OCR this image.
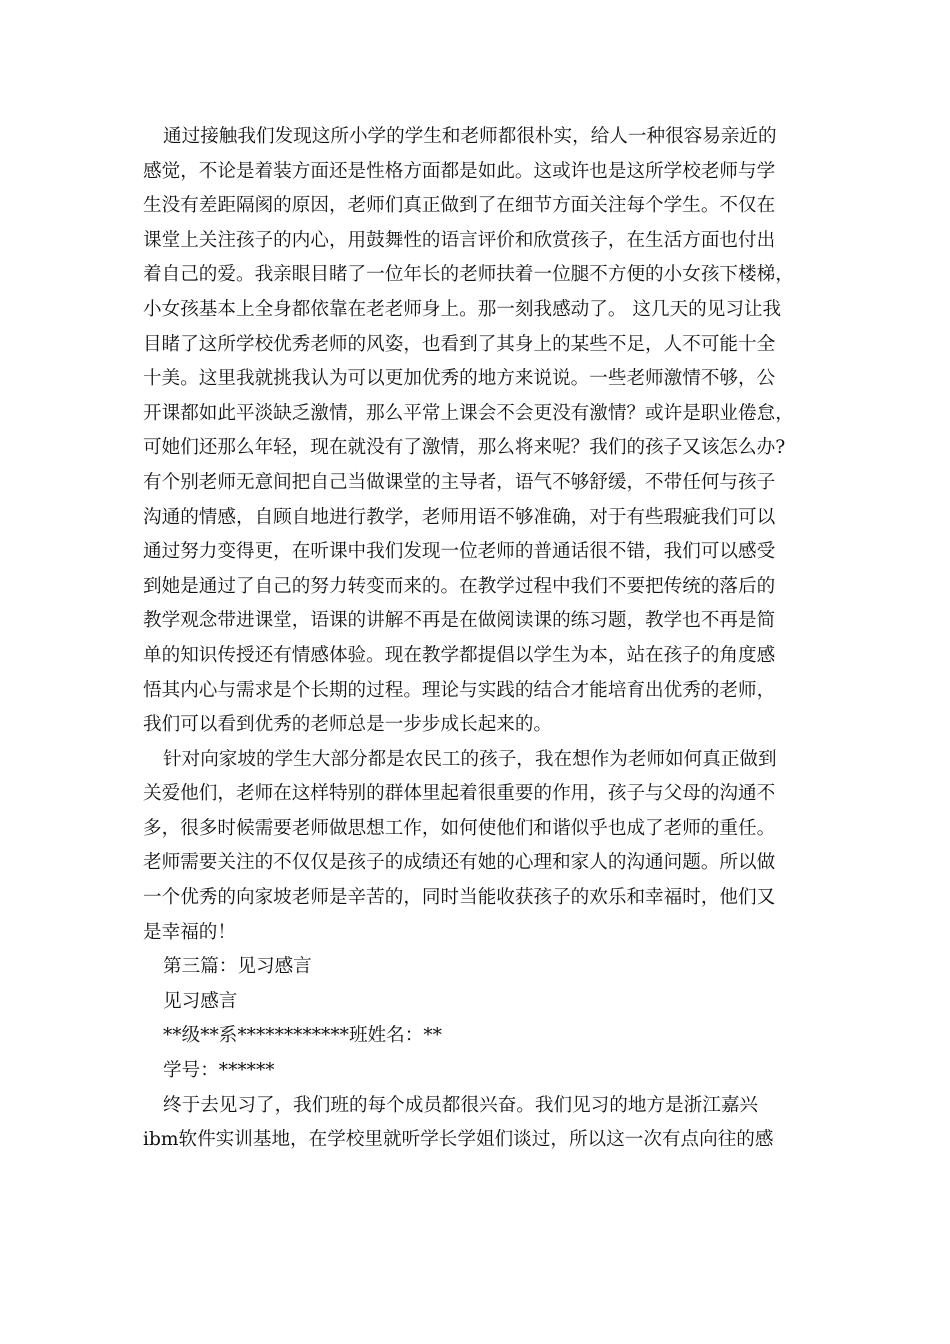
通过接触我们发现这所小学的学生和老师都很朴实，给人一种很容易亲近的
感觉，不论是着装方面还是性格方面都是如此。这或许也是这所学校老师与学
生没有差距隔阂的原因，老师们真正做到了在细节方面关注每个学生。不仅在
课堂上关注孩子的内心，用鼓舞性的语言评价和欣赏孩子，在生活方面也付出
着自己的爱。我亲眼目睹了一位年长的老师扶着一位腿不方便的小女孩下楼梯，
小女孩基本上全身都依靠在老老师身上。那一刻我感动了。 这几天的见习让我
目睹了这所学校优秀老师的风姿，也看到了其身上的某些不足，人不可能十全
十美。这里我就挑我认为可以更加优秀的地方来说说。一些老师激情不够，公
开课都如此平淡缺乏激情，那么平常上课会不会更没有激情？或许是职业倦怠，
可她们还那么年轻，现在就没有了激情，那么将来呢？我们的孩子又该怎么办?
有个别老师无意间把自己当做课堂的主导者，语气不够舒缓，不带任何与孩子
沟通的情感，自顾自地进行教学，老师用语不够准确，对于有些瑕疵我们可以
通过努力变得更，在听课中我们发现一位老师的普通话很不错，我们可以感受
到她是通过了自己的努力转变而来的。在教学过程中我们不要把传统的落后的
教学观念带进课堂，语课的讲解不再是在做阅读课的练习题，教学也不再是简
单的知识传授还有情感体验。现在教学都提倡以学生为本，站在孩子的角度感
悟其内心与需求是个长期的过程。理论与实践的结合才能培育出优秀的老师，
我们可以看到优秀的老师总是一步步成长起来的。
针对向家坡的学生大部分都是农民工的孩子，我在想作为老师如何真正做到
关爱他们，老师在这样特别的群体里起着很重要的作用，孩子与父母的沟通不
多，很多时候需要老师做思想工作，如何使他们和谐似乎也成了老师的重任。
老师需要关注的不仅仅是孩子的成绩还有她的心理和家人的沟通问题。所以做
一个优秀的向家坡老师是辛苦的，同时当能收获孩子的欢乐和幸福时，他们又
是幸福的！
第三篇：见习感言
见习感言
**级**系************班姓名：**
学号：******
终于去见习了，我们班的每个成员都很兴奋。我们见习的地方是浙江嘉兴
ibm软件实训基地，在学校里就听学长学姐们谈过，所以这一次有点向往的感
